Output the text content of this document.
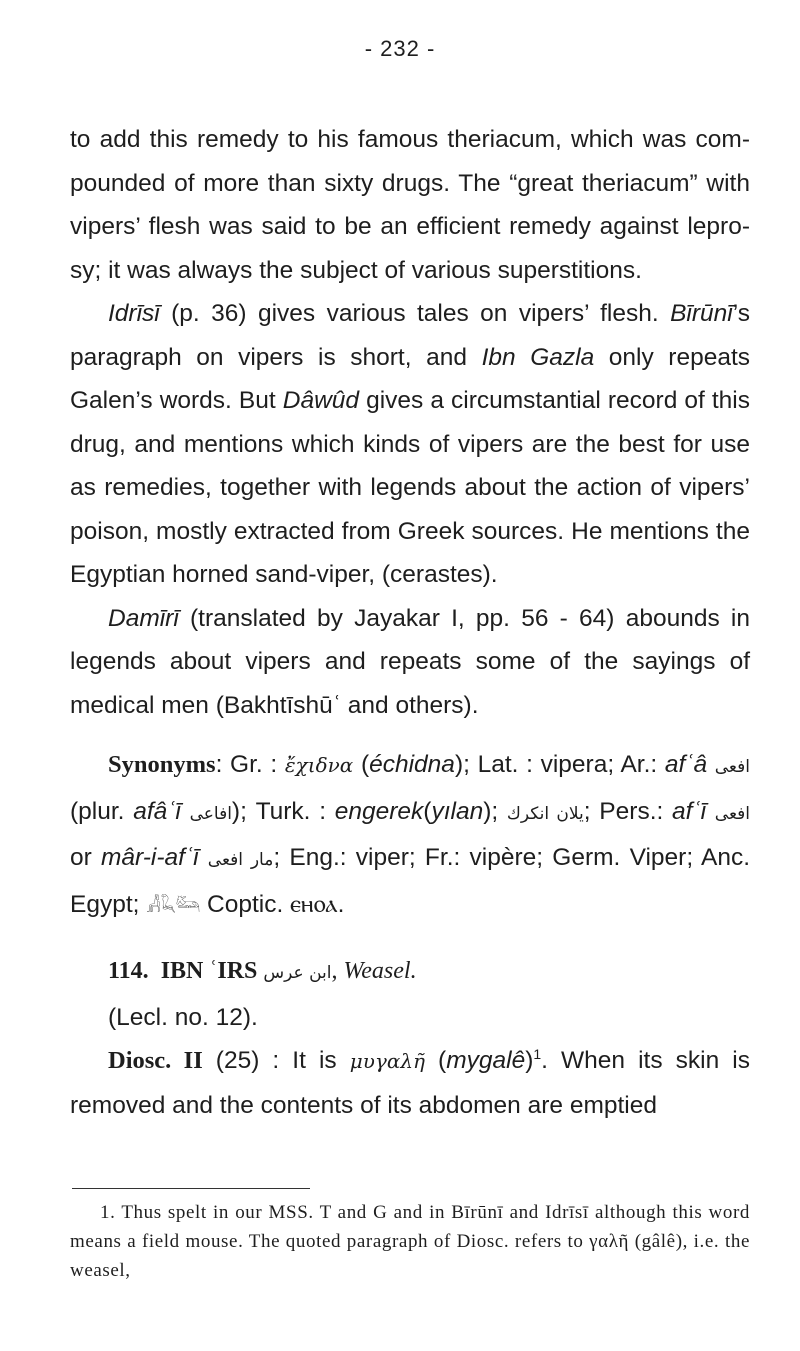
- 232 -

to add this remedy to his famous theriacum, which was compounded of more than sixty drugs. The “great theriacum” with vipers’ flesh was said to be an efficient remedy against leprosy; it was always the subject of various superstitions.

Idrīsī (p. 36) gives various tales on vipers’ flesh. Bīrūnī’s paragraph on vipers is short, and Ibn Gazla only repeats Galen’s words. But Dâwûd gives a circumstantial record of this drug, and mentions which kinds of vipers are the best for use as remedies, together with legends about the action of vipers’ poison, mostly extracted from Greek sources. He mentions the Egyptian horned sand-viper, (cerastes).

Damīrī (translated by Jayakar I, pp. 56 - 64) abounds in legends about vipers and repeats some of the sayings of medical men (Bakhtīshūʿ and others).

Synonyms: Gr. : ἔχιδνα (échidna); Lat. : vipera; Ar.: afʿâ افعى (plur. afâʿī افاعى); Turk. : engerek(yılan); يلان انكرك; Pers.: afʿī افعى or mâr-i-afʿī مار افعى; Eng.: viper; Fr.: vipère; Germ. Viper; Anc. Egypt; 𓀻𓆗𓃛 Coptic. ⲉⲏⲟⲁ.

114. IBN ʿIRS ابن عرس, Weasel.

(Lecl. no. 12).

Diosc. II (25) : It is μυγαλῆ (mygalê)$^1$. When its skin is removed and the contents of its abdomen are emptied

1. Thus spelt in our MSS. T and G and in Bīrūnī and Idrīsī although this word means a field mouse. The quoted paragraph of Diosc. refers to γαλῆ (gâlê), i.e. the weasel,
